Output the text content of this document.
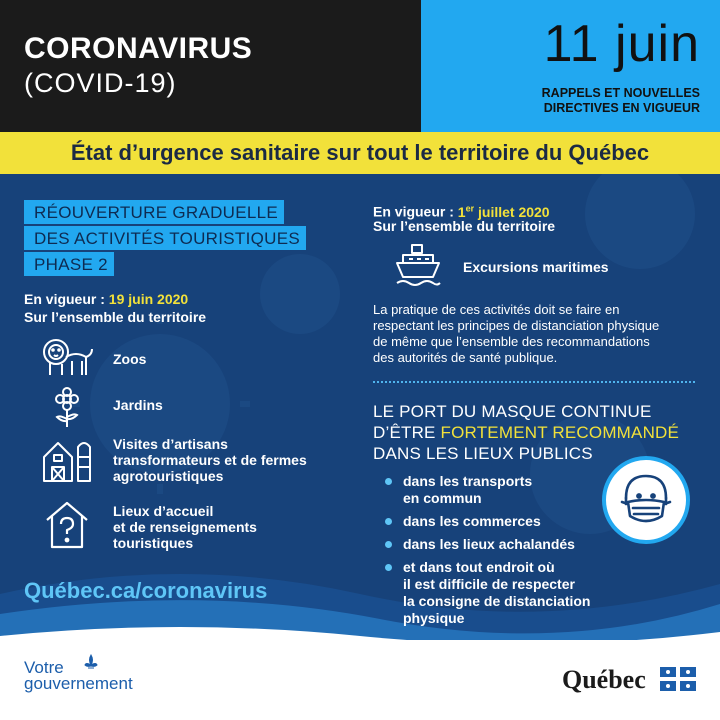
CORONAVIRUS
(COVID-19)
11 juin
RAPPELS ET NOUVELLES
DIRECTIVES EN VIGUEUR
État d’urgence sanitaire sur tout le territoire du Québec
RÉOUVERTURE GRADUELLE
DES ACTIVITÉS TOURISTIQUES
PHASE 2
En vigueur : 19 juin 2020
Sur l’ensemble du territoire
Zoos
Jardins
Visites d’artisans
transformateurs et de fermes
agrotouristiques
Lieux d’accueil
et de renseignements
touristiques
Québec.ca/coronavirus
En vigueur : 1er juillet 2020
Sur l’ensemble du territoire
Excursions maritimes
La pratique de ces activités doit se faire en
respectant les principes de distanciation physique
de même que l’ensemble des recommandations
des autorités de santé publique.
LE PORT DU MASQUE CONTINUE
D’ÊTRE FORTEMENT RECOMMANDÉ
DANS LES LIEUX PUBLICS
dans les transports
en commun
dans les commerces
dans les lieux achalandés
et dans tout endroit où
il est difficile de respecter
la consigne de distanciation
physique
Votre
gouvernement	Québec
